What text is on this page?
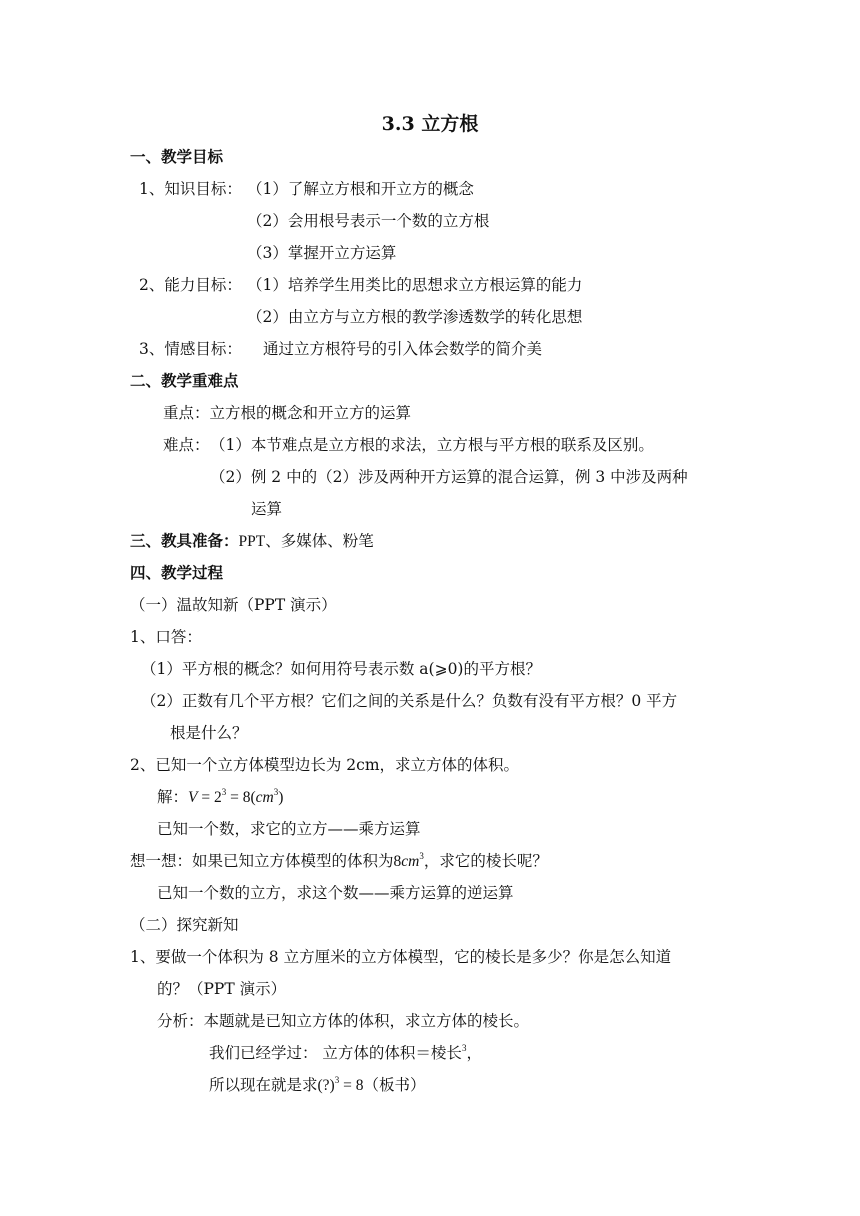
3.3 立方根
一、教学目标
1、知识目标： （1）了解立方根和开立方的概念
（2）会用根号表示一个数的立方根
（3）掌握开立方运算
2、能力目标： （1）培养学生用类比的思想求立方根运算的能力
（2）由立方与立方根的教学渗透数学的转化思想
3、情感目标： 通过立方根符号的引入体会数学的简介美
二、教学重难点
重点：立方根的概念和开立方的运算
难点： （1）本节难点是立方根的求法，立方根与平方根的联系及区别。
（2）例 2 中的（2）涉及两种开方运算的混合运算，例 3 中涉及两种
运算
三、教具准备：PPT、多媒体、粉笔
四、教学过程
（一）温故知新（PPT 演示）
1、口答：
（1）平方根的概念？如何用符号表示数 a(⩾0)的平方根？
（2）正数有几个平方根？它们之间的关系是什么？负数有没有平方根？0 平方
根是什么？
2、已知一个立方体模型边长为 2cm，求立方体的体积。
解：$V = 2^3 = 8(cm^3)$
已知一个数，求它的立方——乘方运算
想一想：如果已知立方体模型的体积为$8cm^3$，求它的棱长呢？
已知一个数的立方，求这个数——乘方运算的逆运算
（二）探究新知
1、要做一个体积为 8 立方厘米的立方体模型，它的棱长是多少？你是怎么知道
的？（PPT 演示）
分析：本题就是已知立方体的体积，求立方体的棱长。
我们已经学过： 立方体的体积＝棱长$^3$，
所以现在就是求(?)$^3$ = 8（板书）
